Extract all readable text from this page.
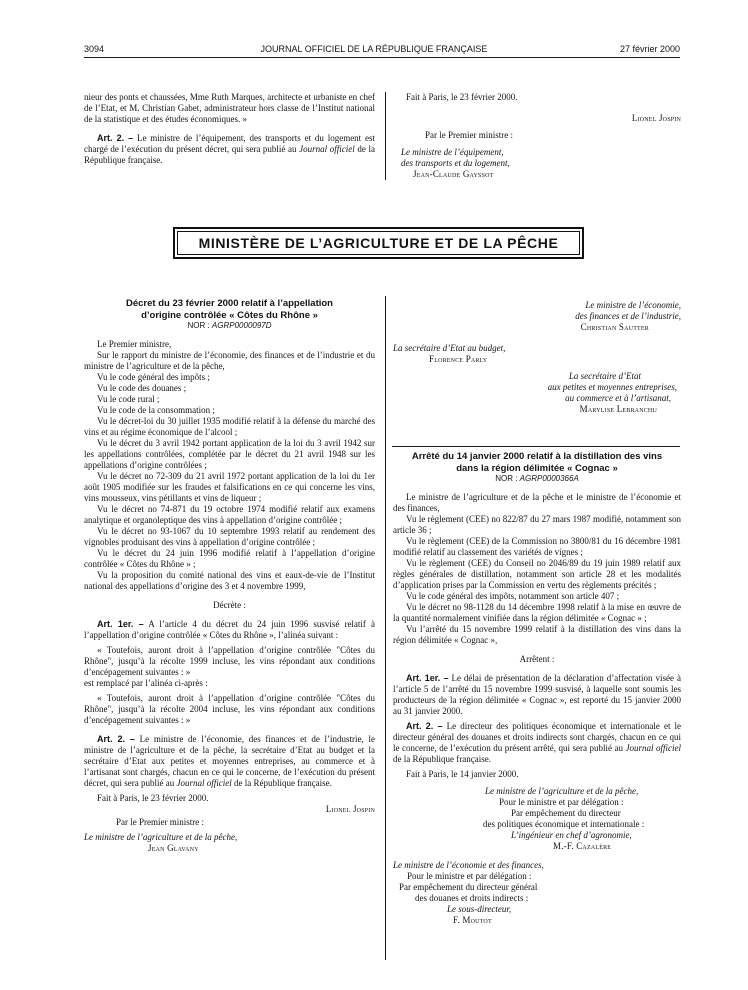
3094	JOURNAL OFFICIEL DE LA RÉPUBLIQUE FRANÇAISE	27 février 2000

nieur des ponts et chaussées, Mme Ruth Marques, architecte et urbaniste en chef de l’Etat, et M. Christian Gabet, administrateur hors classe de l’Institut national de la statistique et des études économiques. »

Art. 2. – Le ministre de l’équipement, des transports et du logement est chargé de l’exécution du présent décret, qui sera publié au Journal officiel de la République française.

Fait à Paris, le 23 février 2000.

Lionel Jospin

Par le Premier ministre :

Le ministre de l’équipement,

des transports et du logement,

Jean-Claude Gayssot

MINISTÈRE DE L’AGRICULTURE ET DE LA PÊCHE

Décret du 23 février 2000 relatif à l’appellation

d’origine contrôlée « Côtes du Rhône »

NOR : AGRP0000097D

Le Premier ministre,

Sur le rapport du ministre de l’économie, des finances et de l’industrie et du ministre de l’agriculture et de la pêche,

Vu le code général des impôts ;

Vu le code des douanes ;

Vu le code rural ;

Vu le code de la consommation ;

Vu le décret-loi du 30 juillet 1935 modifié relatif à la défense du marché des vins et au régime économique de l’alcool ;

Vu le décret du 3 avril 1942 portant application de la loi du 3 avril 1942 sur les appellations contrôlées, complétée par le décret du 21 avril 1948 sur les appellations d’origine contrôlées ;

Vu le décret no 72-309 du 21 avril 1972 portant application de la loi du 1er août 1905 modifiée sur les fraudes et falsifications en ce qui concerne les vins, vins mousseux, vins pétillants et vins de liqueur ;

Vu le décret no 74-871 du 19 octobre 1974 modifié relatif aux examens analytique et organoleptique des vins à appellation d’origine contrôlée ;

Vu le décret no 93-1067 du 10 septembre 1993 relatif au rendement des vignobles produisant des vins à appellation d’origine contrôlée ;

Vu le décret du 24 juin 1996 modifié relatif à l’appellation d’origine contrôlée « Côtes du Rhône » ;

Vu la proposition du comité national des vins et eaux-de-vie de l’Institut national des appellations d’origine des 3 et 4 novembre 1999,

Décrète :

Art. 1er. – A l’article 4 du décret du 24 juin 1996 susvisé relatif à l’appellation d’origine contrôlée « Côtes du Rhône », l’alinéa suivant :

« Toutefois, auront droit à l’appellation d’origine contrôlée "Côtes du Rhône", jusqu’à la récolte 1999 incluse, les vins répondant aux conditions d’encépagement suivantes : »

est remplacé par l’alinéa ci-après :

« Toutefois, auront droit à l’appellation d’origine contrôlée "Côtes du Rhône", jusqu’à la récolte 2004 incluse, les vins répondant aux conditions d’encépagement suivantes : »

Art. 2. – Le ministre de l’économie, des finances et de l’industrie, le ministre de l’agriculture et de la pêche, la secrétaire d’Etat au budget et la secrétaire d’Etat aux petites et moyennes entreprises, au commerce et à l’artisanat sont chargés, chacun en ce qui le concerne, de l’exécution du présent décret, qui sera publié au Journal officiel de la République française.

Fait à Paris, le 23 février 2000.

Lionel Jospin

Par le Premier ministre :

Le ministre de l’agriculture et de la pêche,

Jean Glavany

Le ministre de l’économie,

des finances et de l’industrie,

Christian Sautter

La secrétaire d’Etat au budget,

Florence Parly

La secrétaire d’Etat

aux petites et moyennes entreprises,

au commerce et à l’artisanat,

Marylise Lebranchu

Arrêté du 14 janvier 2000 relatif à la distillation des vins

dans la région délimitée « Cognac »

NOR : AGRP0000366A

Le ministre de l’agriculture et de la pêche et le ministre de l’économie et des finances,

Vu le règlement (CEE) no 822/87 du 27 mars 1987 modifié, notamment son article 36 ;

Vu le règlement (CEE) de la Commission no 3800/81 du 16 décembre 1981 modifié relatif au classement des variétés de vignes ;

Vu le règlement (CEE) du Conseil no 2046/89 du 19 juin 1989 relatif aux règles générales de distillation, notamment son article 28 et les modalités d’application prises par la Commission en vertu des règlements précités ;

Vu le code général des impôts, notamment son article 407 ;

Vu le décret no 98-1128 du 14 décembre 1998 relatif à la mise en œuvre de la quantité normalement vinifiée dans la région délimitée « Cognac » ;

Vu l’arrêté du 15 novembre 1999 relatif à la distillation des vins dans la région délimitée « Cognac »,

Arrêtent :

Art. 1er. – Le délai de présentation de la déclaration d’affectation visée à l’article 5 de l’arrêté du 15 novembre 1999 susvisé, à laquelle sont soumis les producteurs de la région délimitée « Cognac », est reporté du 15 janvier 2000 au 31 janvier 2000.

Art. 2. – Le directeur des politiques économique et internationale et le directeur général des douanes et droits indirects sont chargés, chacun en ce qui le concerne, de l’exécution du présent arrêté, qui sera publié au Journal officiel de la République française.

Fait à Paris, le 14 janvier 2000.

Le ministre de l’agriculture et de la pêche,

Pour le ministre et par délégation :

Par empêchement du directeur

des politiques économique et internationale :

L’ingénieur en chef d’agronomie,

M.-F. Cazalère

Le ministre de l’économie et des finances,

Pour le ministre et par délégation :

Par empêchement du directeur général

des douanes et droits indirects :

Le sous-directeur,

F. Moutot
